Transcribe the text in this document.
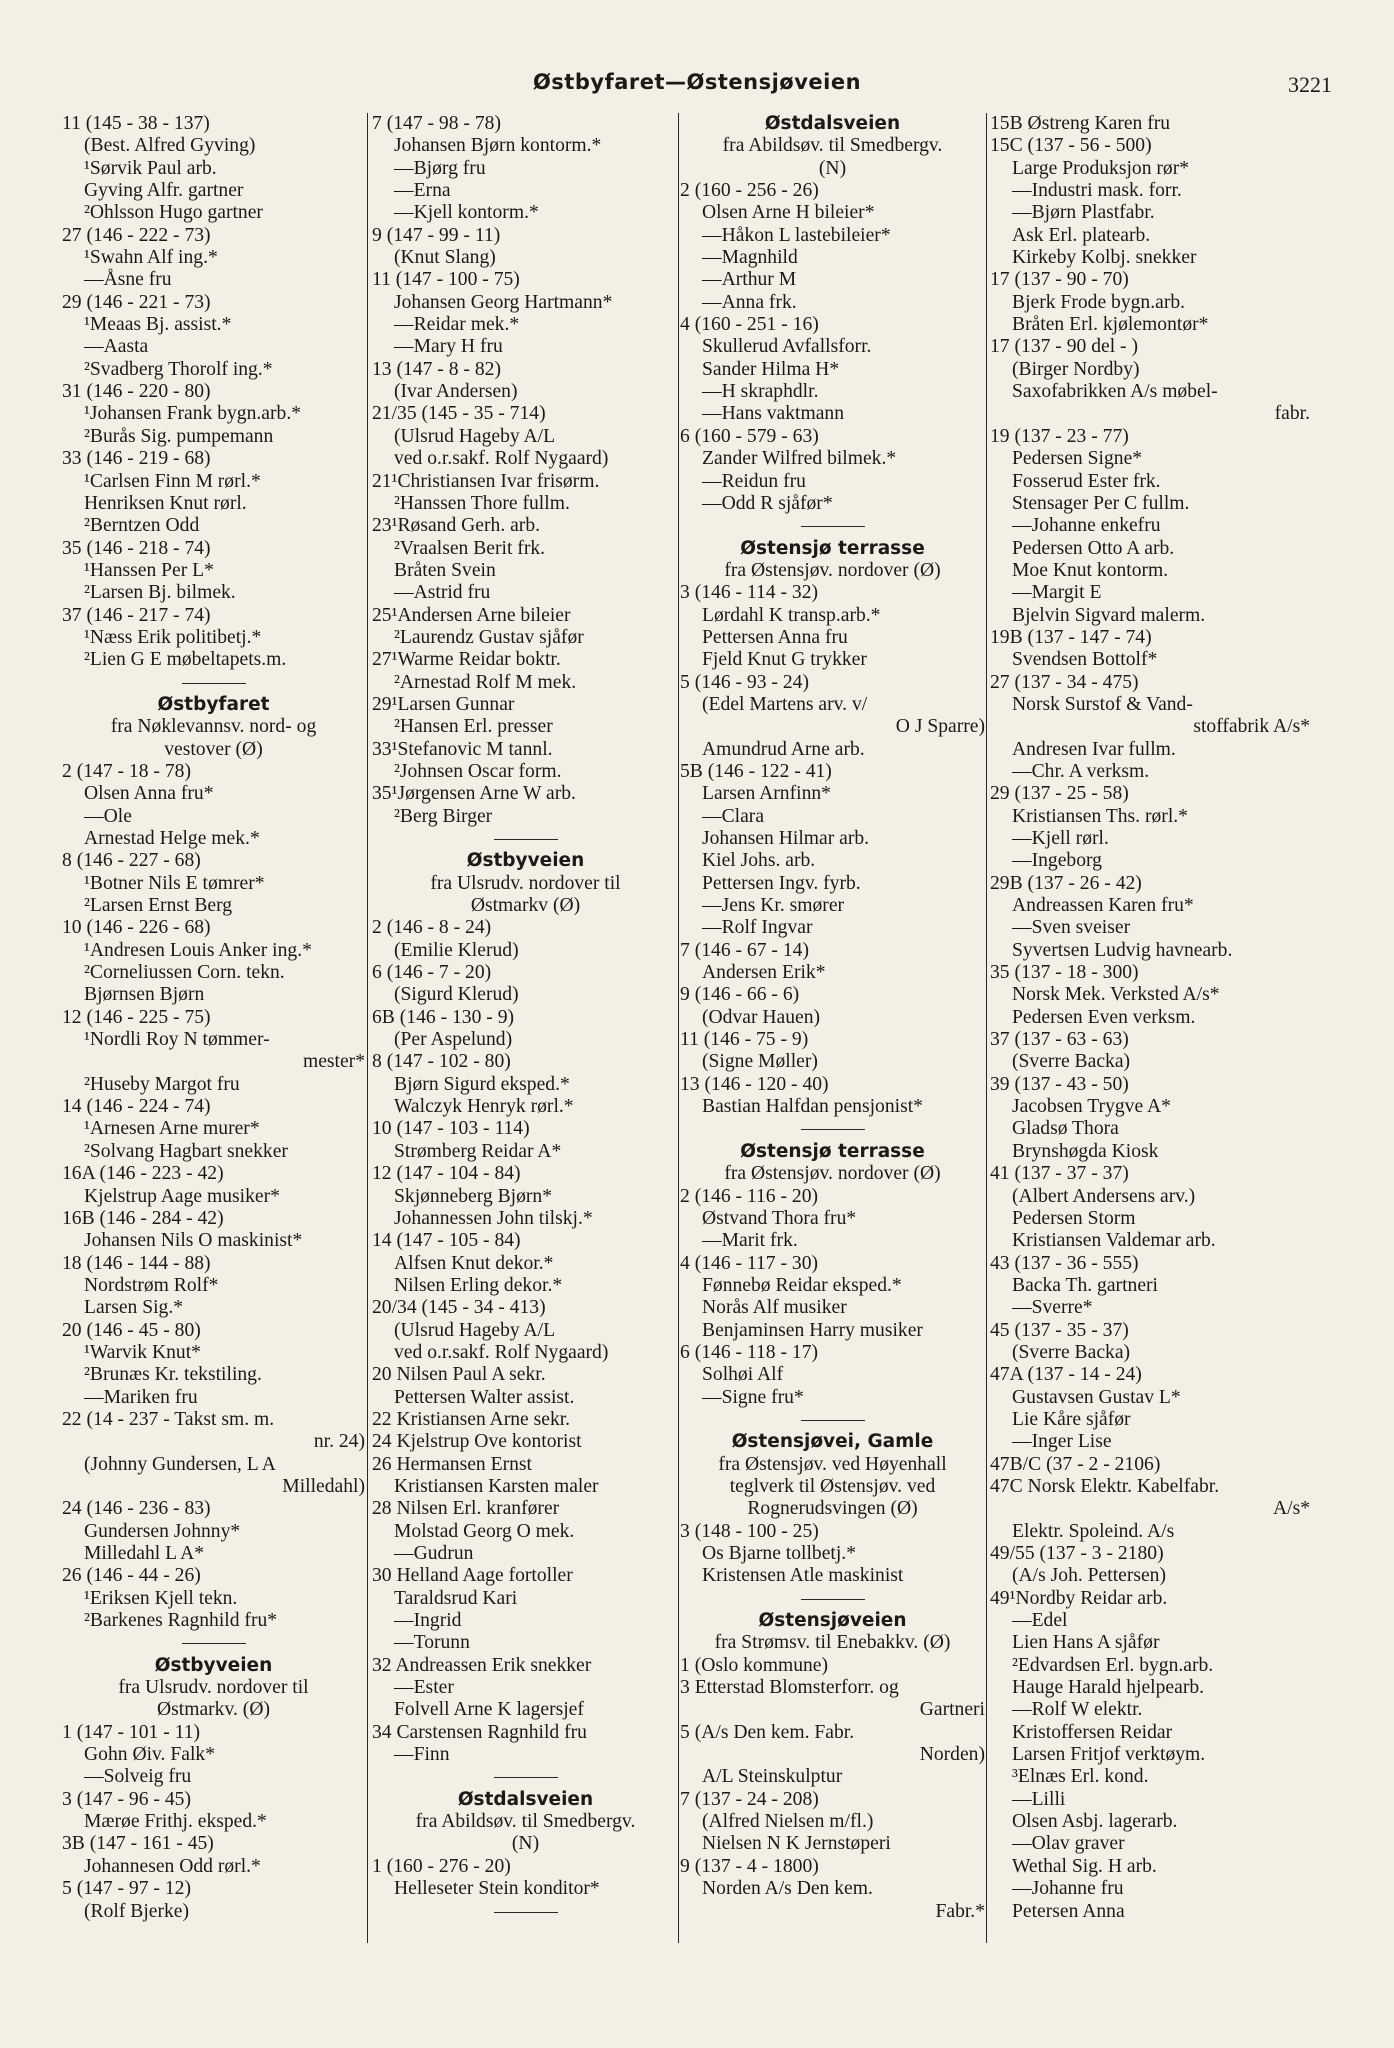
Østbyfaret—Østensjøveien	3221
11 (145 - 38 - 137)
(Best. Alfred Gyving)
¹Sørvik Paul arb.
Gyving Alfr. gartner
²Ohlsson Hugo gartner
27 (146 - 222 - 73)
¹Swahn Alf ing.*
—Åsne fru
29 (146 - 221 - 73)
¹Meaas Bj. assist.*
—Aasta
²Svadberg Thorolf ing.*
31 (146 - 220 - 80)
¹Johansen Frank bygn.arb.*
²Burås Sig. pumpemann
33 (146 - 219 - 68)
¹Carlsen Finn M rørl.*
Henriksen Knut rørl.
²Berntzen Odd
35 (146 - 218 - 74)
¹Hanssen Per L*
²Larsen Bj. bilmek.
37 (146 - 217 - 74)
¹Næss Erik politibetj.*
²Lien G E møbeltapets.m.
Østbyfaret
fra Nøklevannsv. nord- og
vestover (Ø)
2 (147 - 18 - 78)
Olsen Anna fru*
—Ole
Arnestad Helge mek.*
8 (146 - 227 - 68)
¹Botner Nils E tømrer*
²Larsen Ernst Berg
10 (146 - 226 - 68)
¹Andresen Louis Anker ing.*
²Corneliussen Corn. tekn.
Bjørnsen Bjørn
12 (146 - 225 - 75)
¹Nordli Roy N tømmer-
mester*
²Huseby Margot fru
14 (146 - 224 - 74)
¹Arnesen Arne murer*
²Solvang Hagbart snekker
16A (146 - 223 - 42)
Kjelstrup Aage musiker*
16B (146 - 284 - 42)
Johansen Nils O maskinist*
18 (146 - 144 - 88)
Nordstrøm Rolf*
Larsen Sig.*
20 (146 - 45 - 80)
¹Warvik Knut*
²Brunæs Kr. tekstiling.
—Mariken fru
22 (14 - 237 - Takst sm. m.
nr. 24)
(Johnny Gundersen, L A
Milledahl)
24 (146 - 236 - 83)
Gundersen Johnny*
Milledahl L A*
26 (146 - 44 - 26)
¹Eriksen Kjell tekn.
²Barkenes Ragnhild fru*
Østbyveien
fra Ulsrudv. nordover til
Østmarkv. (Ø)
1 (147 - 101 - 11)
Gohn Øiv. Falk*
—Solveig fru
3 (147 - 96 - 45)
Mærøe Frithj. eksped.*
3B (147 - 161 - 45)
Johannesen Odd rørl.*
5 (147 - 97 - 12)
(Rolf Bjerke)
7 (147 - 98 - 78)
Johansen Bjørn kontorm.*
—Bjørg fru
—Erna
—Kjell kontorm.*
9 (147 - 99 - 11)
(Knut Slang)
11 (147 - 100 - 75)
Johansen Georg Hartmann*
—Reidar mek.*
—Mary H fru
13 (147 - 8 - 82)
(Ivar Andersen)
21/35 (145 - 35 - 714)
(Ulsrud Hageby A/L
ved o.r.sakf. Rolf Nygaard)
21¹Christiansen Ivar frisørm.
²Hanssen Thore fullm.
23¹Røsand Gerh. arb.
²Vraalsen Berit frk.
Bråten Svein
—Astrid fru
25¹Andersen Arne bileier
²Laurendz Gustav sjåfør
27¹Warme Reidar boktr.
²Arnestad Rolf M mek.
29¹Larsen Gunnar
²Hansen Erl. presser
33¹Stefanovic M tannl.
²Johnsen Oscar form.
35¹Jørgensen Arne W arb.
²Berg Birger
Østbyveien
fra Ulsrudv. nordover til
Østmarkv (Ø)
2 (146 - 8 - 24)
(Emilie Klerud)
6 (146 - 7 - 20)
(Sigurd Klerud)
6B (146 - 130 - 9)
(Per Aspelund)
8 (147 - 102 - 80)
Bjørn Sigurd eksped.*
Walczyk Henryk rørl.*
10 (147 - 103 - 114)
Strømberg Reidar A*
12 (147 - 104 - 84)
Skjønneberg Bjørn*
Johannessen John tilskj.*
14 (147 - 105 - 84)
Alfsen Knut dekor.*
Nilsen Erling dekor.*
20/34 (145 - 34 - 413)
(Ulsrud Hageby A/L
ved o.r.sakf. Rolf Nygaard)
20 Nilsen Paul A sekr.
Pettersen Walter assist.
22 Kristiansen Arne sekr.
24 Kjelstrup Ove kontorist
26 Hermansen Ernst
Kristiansen Karsten maler
28 Nilsen Erl. kranfører
Molstad Georg O mek.
—Gudrun
30 Helland Aage fortoller
Taraldsrud Kari
—Ingrid
—Torunn
32 Andreassen Erik snekker
—Ester
Folvell Arne K lagersjef
34 Carstensen Ragnhild fru
—Finn
Østdalsveien
fra Abildsøv. til Smedbergv.
(N)
1 (160 - 276 - 20)
Helleseter Stein konditor*
Østdalsveien
fra Abildsøv. til Smedbergv.
(N)
2 (160 - 256 - 26)
Olsen Arne H bileier*
—Håkon L lastebileier*
—Magnhild
—Arthur M
—Anna frk.
4 (160 - 251 - 16)
Skullerud Avfallsforr.
Sander Hilma H*
—H skraphdlr.
—Hans vaktmann
6 (160 - 579 - 63)
Zander Wilfred bilmek.*
—Reidun fru
—Odd R sjåfør*
Østensjø terrasse
fra Østensjøv. nordover (Ø)
3 (146 - 114 - 32)
Lørdahl K transp.arb.*
Pettersen Anna fru
Fjeld Knut G trykker
5 (146 - 93 - 24)
(Edel Martens arv. v/
O J Sparre)
Amundrud Arne arb.
5B (146 - 122 - 41)
Larsen Arnfinn*
—Clara
Johansen Hilmar arb.
Kiel Johs. arb.
Pettersen Ingv. fyrb.
—Jens Kr. smører
—Rolf Ingvar
7 (146 - 67 - 14)
Andersen Erik*
9 (146 - 66 - 6)
(Odvar Hauen)
11 (146 - 75 - 9)
(Signe Møller)
13 (146 - 120 - 40)
Bastian Halfdan pensjonist*
Østensjø terrasse
fra Østensjøv. nordover (Ø)
2 (146 - 116 - 20)
Østvand Thora fru*
—Marit frk.
4 (146 - 117 - 30)
Fønnebø Reidar eksped.*
Norås Alf musiker
Benjaminsen Harry musiker
6 (146 - 118 - 17)
Solhøi Alf
—Signe fru*
Østensjøvei, Gamle
fra Østensjøv. ved Høyenhall
teglverk til Østensjøv. ved
Rognerudsvingen (Ø)
3 (148 - 100 - 25)
Os Bjarne tollbetj.*
Kristensen Atle maskinist
Østensjøveien
fra Strømsv. til Enebakkv. (Ø)
1 (Oslo kommune)
3 Etterstad Blomsterforr. og
Gartneri
5 (A/s Den kem. Fabr.
Norden)
A/L Steinskulptur
7 (137 - 24 - 208)
(Alfred Nielsen m/fl.)
Nielsen N K Jernstøperi
9 (137 - 4 - 1800)
Norden A/s Den kem.
Fabr.*
15B Østreng Karen fru
15C (137 - 56 - 500)
Large Produksjon rør*
—Industri mask. forr.
—Bjørn Plastfabr.
Ask Erl. platearb.
Kirkeby Kolbj. snekker
17 (137 - 90 - 70)
Bjerk Frode bygn.arb.
Bråten Erl. kjølemontør*
17 (137 - 90 del - )
(Birger Nordby)
Saxofabrikken A/s møbel-
fabr.
19 (137 - 23 - 77)
Pedersen Signe*
Fosserud Ester frk.
Stensager Per C fullm.
—Johanne enkefru
Pedersen Otto A arb.
Moe Knut kontorm.
—Margit E
Bjelvin Sigvard malerm.
19B (137 - 147 - 74)
Svendsen Bottolf*
27 (137 - 34 - 475)
Norsk Surstof & Vand-
stoffabrik A/s*
Andresen Ivar fullm.
—Chr. A verksm.
29 (137 - 25 - 58)
Kristiansen Ths. rørl.*
—Kjell rørl.
—Ingeborg
29B (137 - 26 - 42)
Andreassen Karen fru*
—Sven sveiser
Syvertsen Ludvig havnearb.
35 (137 - 18 - 300)
Norsk Mek. Verksted A/s*
Pedersen Even verksm.
37 (137 - 63 - 63)
(Sverre Backa)
39 (137 - 43 - 50)
Jacobsen Trygve A*
Gladsø Thora
Brynshøgda Kiosk
41 (137 - 37 - 37)
(Albert Andersens arv.)
Pedersen Storm
Kristiansen Valdemar arb.
43 (137 - 36 - 555)
Backa Th. gartneri
—Sverre*
45 (137 - 35 - 37)
(Sverre Backa)
47A (137 - 14 - 24)
Gustavsen Gustav L*
Lie Kåre sjåfør
—Inger Lise
47B/C (37 - 2 - 2106)
47C Norsk Elektr. Kabelfabr.
A/s*
Elektr. Spoleind. A/s
49/55 (137 - 3 - 2180)
(A/s Joh. Pettersen)
49¹Nordby Reidar arb.
—Edel
Lien Hans A sjåfør
²Edvardsen Erl. bygn.arb.
Hauge Harald hjelpearb.
—Rolf W elektr.
Kristoffersen Reidar
Larsen Fritjof verktøym.
³Elnæs Erl. kond.
—Lilli
Olsen Asbj. lagerarb.
—Olav graver
Wethal Sig. H arb.
—Johanne fru
Petersen Anna
